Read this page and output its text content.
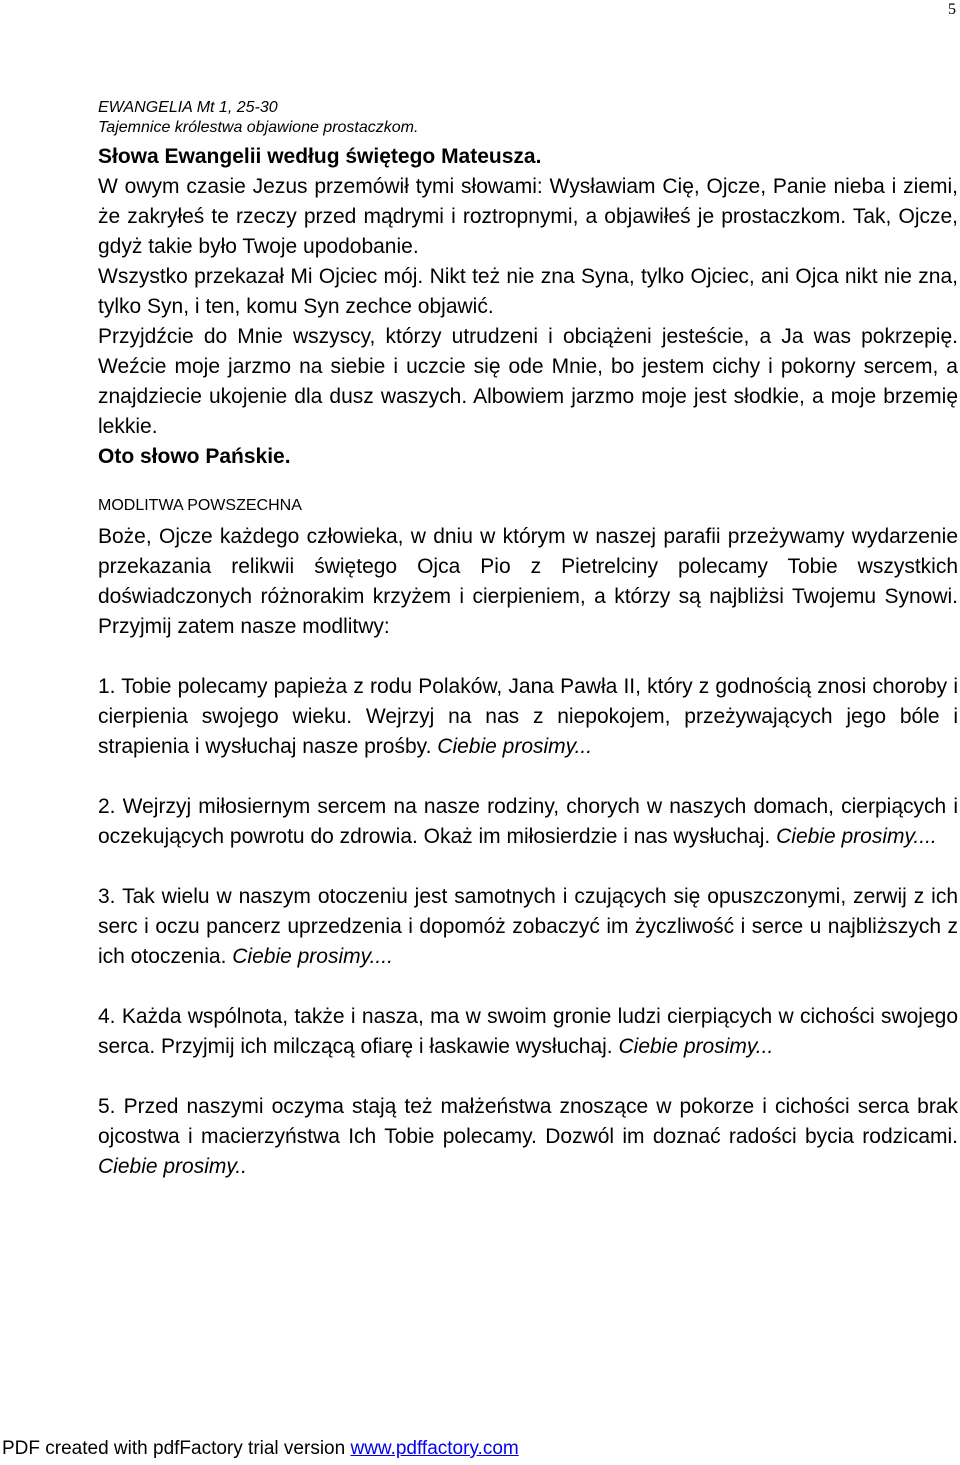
5
EWANGELIA Mt 1, 25-30
Tajemnice królestwa objawione prostaczkom.
Słowa Ewangelii według świętego Mateusza.
W owym czasie Jezus przemówił tymi słowami: Wysławiam Cię, Ojcze, Panie nieba i ziemi, że zakryłeś te rzeczy przed mądrymi i roztropnymi, a objawiłeś je prostaczkom. Tak, Ojcze, gdyż takie było Twoje upodobanie.
Wszystko przekazał Mi Ojciec mój. Nikt też nie zna Syna, tylko Ojciec, ani Ojca nikt nie zna, tylko Syn, i ten, komu Syn zechce objawić.
Przyjdźcie do Mnie wszyscy, którzy utrudzeni i obciążeni jesteście, a Ja was pokrzepię. Weźcie moje jarzmo na siebie i uczcie się ode Mnie, bo jestem cichy i pokorny sercem, a znajdziecie ukojenie dla dusz waszych. Albowiem jarzmo moje jest słodkie, a moje brzemię lekkie.
Oto słowo Pańskie.
MODLITWA POWSZECHNA

Boże, Ojcze każdego człowieka, w dniu w którym w naszej parafii przeżywamy wydarzenie przekazania relikwii świętego Ojca Pio z Pietrelciny polecamy Tobie wszystkich doświadczonych różnorakim krzyżem i cierpieniem, a którzy są najbliżsi Twojemu Synowi. Przyjmij zatem nasze modlitwy:

1. Tobie polecamy papieża z rodu Polaków, Jana Pawła II, który z godnością znosi choroby i cierpienia swojego wieku. Wejrzyj na nas z niepokojem, przeżywających jego bóle i strapienia i wysłuchaj nasze prośby. Ciebie prosimy...

2. Wejrzyj miłosiernym sercem na nasze rodziny, chorych w naszych domach, cierpiących i oczekujących powrotu do zdrowia. Okaż im miłosierdzie i nas wysłuchaj. Ciebie prosimy....

3. Tak wielu w naszym otoczeniu jest samotnych i czujących się opuszczonymi, zerwij z ich serc i oczu pancerz uprzedzenia i dopomóż zobaczyć im życzliwość i serce u najbliższych z ich otoczenia. Ciebie prosimy....

4. Każda wspólnota, także i nasza, ma w swoim gronie ludzi cierpiących w cichości swojego serca. Przyjmij ich milczącą ofiarę i łaskawie wysłuchaj. Ciebie prosimy...

5. Przed naszymi oczyma stają też małżeństwa znoszące w pokorze i cichości serca brak ojcostwa i macierzyństwa Ich Tobie polecamy. Dozwól im doznać radości bycia rodzicami. Ciebie prosimy..

PDF created with pdfFactory trial version www.pdffactory.com
